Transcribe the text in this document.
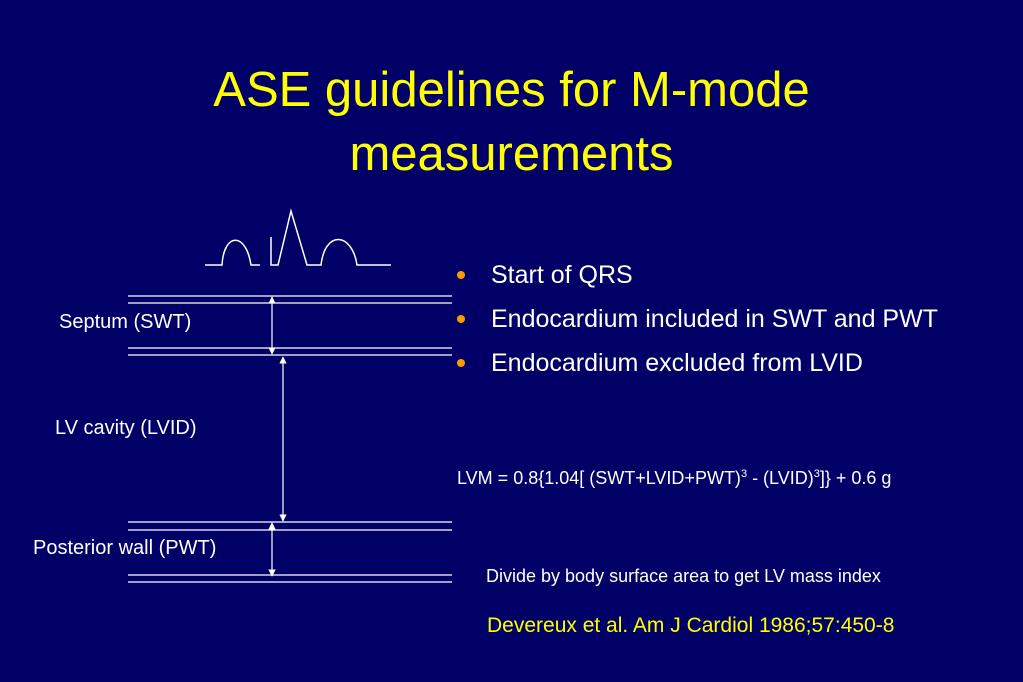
ASE guidelines for M-mode
measurements
Septum (SWT)
LV cavity (LVID)
Posterior wall (PWT)
Start of QRS
Endocardium included in SWT and PWT
Endocardium excluded from LVID
LVM = 0.8{1.04[ (SWT+LVID+PWT)$^3$ - (LVID)$^3$]} + 0.6 g
Divide by body surface area to get LV mass index
Devereux et al. Am J Cardiol 1986;57:450-8
